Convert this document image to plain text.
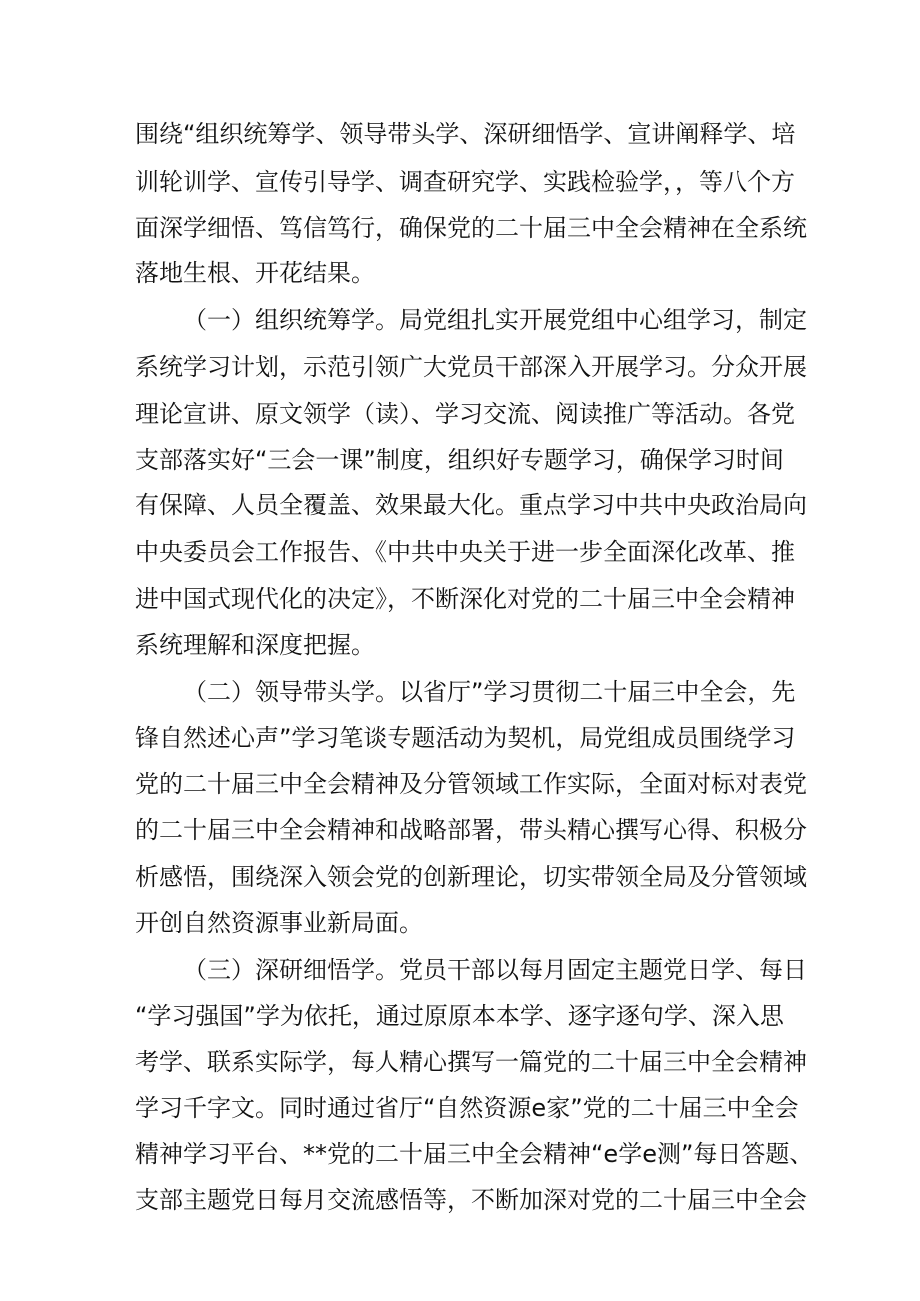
围绕“组织统筹学、领导带头学、深研细悟学、宣讲阐释学、培
训轮训学、宣传引导学、调查研究学、实践检验学，，等八个方
面深学细悟、笃信笃行，确保党的二十届三中全会精神在全系统
落地生根、开花结果。
（一）组织统筹学。局党组扎实开展党组中心组学习，制定
系统学习计划，示范引领广大党员干部深入开展学习。分众开展
理论宣讲、原文领学（读）、学习交流、阅读推广等活动。各党
支部落实好“三会一课”制度，组织好专题学习，确保学习时间
有保障、人员全覆盖、效果最大化。重点学习中共中央政治局向
中央委员会工作报告、《中共中央关于进一步全面深化改革、推
进中国式现代化的决定》，不断深化对党的二十届三中全会精神
系统理解和深度把握。
（二）领导带头学。以省厅”学习贯彻二十届三中全会，先
锋自然述心声”学习笔谈专题活动为契机，局党组成员围绕学习
党的二十届三中全会精神及分管领域工作实际，全面对标对表党
的二十届三中全会精神和战略部署，带头精心撰写心得、积极分
析感悟，围绕深入领会党的创新理论，切实带领全局及分管领域
开创自然资源事业新局面。
（三）深研细悟学。党员干部以每月固定主题党日学、每日
“学习强国”学为依托，通过原原本本学、逐字逐句学、深入思
考学、联系实际学，每人精心撰写一篇党的二十届三中全会精神
学习千字文。同时通过省厅“自然资源e家”党的二十届三中全会
精神学习平台、**党的二十届三中全会精神“e学e测”每日答题、
支部主题党日每月交流感悟等，不断加深对党的二十届三中全会
